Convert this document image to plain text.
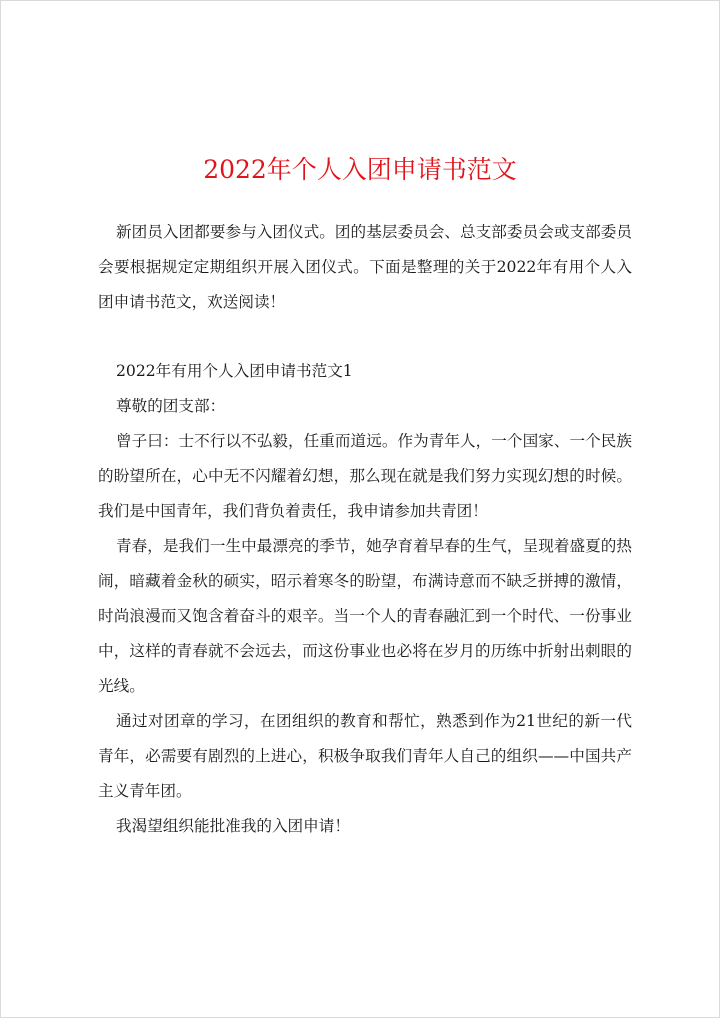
2022年个人入团申请书范文

新团员入团都要参与入团仪式。团的基层委员会、总支部委员会或支部委员会要根据规定定期组织开展入团仪式。下面是整理的关于2022年有用个人入团申请书范文，欢送阅读！

2022年有用个人入团申请书范文1

尊敬的团支部：

曾子曰：士不行以不弘毅，任重而道远。作为青年人，一个国家、一个民族的盼望所在，心中无不闪耀着幻想，那么现在就是我们努力实现幻想的时候。我们是中国青年，我们背负着责任，我申请参加共青团！

青春，是我们一生中最漂亮的季节，她孕育着早春的生气，呈现着盛夏的热闹，暗藏着金秋的硕实，昭示着寒冬的盼望，布满诗意而不缺乏拼搏的激情，时尚浪漫而又饱含着奋斗的艰辛。当一个人的青春融汇到一个时代、一份事业中，这样的青春就不会远去，而这份事业也必将在岁月的历练中折射出刺眼的光线。

通过对团章的学习，在团组织的教育和帮忙，熟悉到作为21世纪的新一代青年，必需要有剧烈的上进心，积极争取我们青年人自己的组织——中国共产主义青年团。

我渴望组织能批准我的入团申请！
